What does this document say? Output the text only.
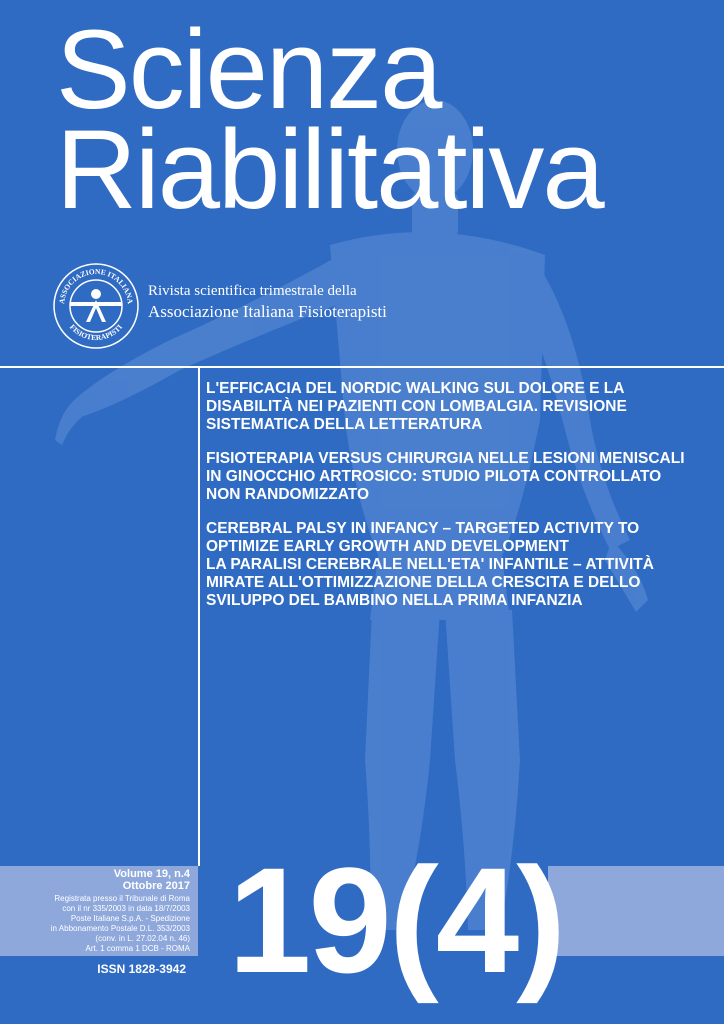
Scienza
Riabilitativa
ASSOCIAZIONE ITALIANA
FISIOTERAPISTI
Rivista scientifica trimestrale della
Associazione Italiana Fisioterapisti

L'EFFICACIA DEL NORDIC WALKING SUL DOLORE E LA
DISABILITÀ NEI PAZIENTI CON LOMBALGIA. REVISIONE
SISTEMATICA DELLA LETTERATURA

FISIOTERAPIA VERSUS CHIRURGIA NELLE LESIONI MENISCALI
IN GINOCCHIO ARTROSICO: STUDIO PILOTA CONTROLLATO
NON RANDOMIZZATO

CEREBRAL PALSY IN INFANCY – TARGETED ACTIVITY TO
OPTIMIZE EARLY GROWTH AND DEVELOPMENT
LA PARALISI CEREBRALE NELL'ETA' INFANTILE – ATTIVITÀ
MIRATE ALL'OTTIMIZZAZIONE DELLA CRESCITA E DELLO
SVILUPPO DEL BAMBINO NELLA PRIMA INFANZIA

Volume 19, n.4
Ottobre 2017
Registrata presso il Tribunale di Roma
con il nr 335/2003 in data 18/7/2003
Poste Italiane S.p.A. - Spedizione
in Abbonamento Postale D.L. 353/2003
(conv. in L. 27.02.04 n. 46)
Art. 1 comma 1 DCB - ROMA
ISSN 1828-3942 19(4)
